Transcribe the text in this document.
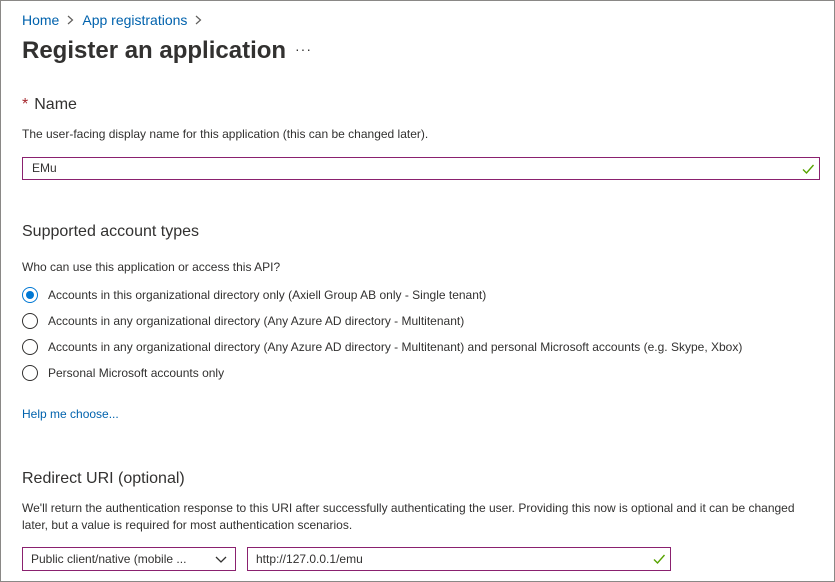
Home App registrations
Register an application ···
* Name
The user-facing display name for this application (this can be changed later).
EMu
Supported account types
Who can use this application or access this API?
Accounts in this organizational directory only (Axiell Group AB only - Single tenant)
Accounts in any organizational directory (Any Azure AD directory - Multitenant)
Accounts in any organizational directory (Any Azure AD directory - Multitenant) and personal Microsoft accounts (e.g. Skype, Xbox)
Personal Microsoft accounts only
Help me choose...
Redirect URI (optional)
We'll return the authentication response to this URI after successfully authenticating the user. Providing this now is optional and it can be changed later, but a value is required for most authentication scenarios.
Public client/native (mobile ...	http://127.0.0.1/emu
